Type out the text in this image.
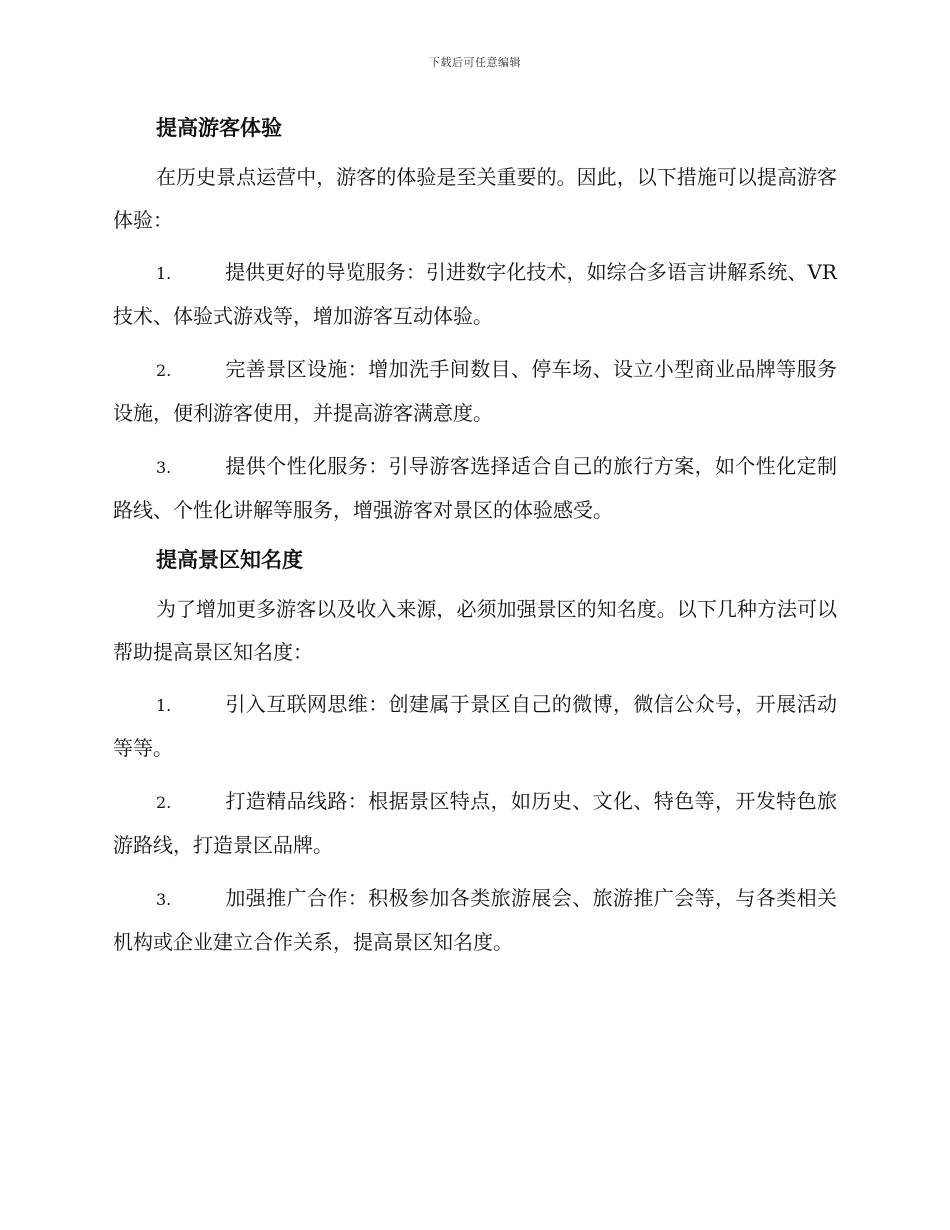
下载后可任意编辑
提高游客体验

在历史景点运营中，游客的体验是至关重要的。因此，以下措施可以提高游客体验：

1.	提供更好的导览服务：引进数字化技术，如综合多语言讲解系统、VR技术、体验式游戏等，增加游客互动体验。

2.	完善景区设施：增加洗手间数目、停车场、设立小型商业品牌等服务设施，便利游客使用，并提高游客满意度。

3.	提供个性化服务：引导游客选择适合自己的旅行方案，如个性化定制路线、个性化讲解等服务，增强游客对景区的体验感受。

提高景区知名度

为了增加更多游客以及收入来源，必须加强景区的知名度。以下几种方法可以帮助提高景区知名度：

1.	引入互联网思维：创建属于景区自己的微博，微信公众号，开展活动等等。

2.	打造精品线路：根据景区特点，如历史、文化、特色等，开发特色旅游路线，打造景区品牌。

3.	加强推广合作：积极参加各类旅游展会、旅游推广会等，与各类相关机构或企业建立合作关系，提高景区知名度。
